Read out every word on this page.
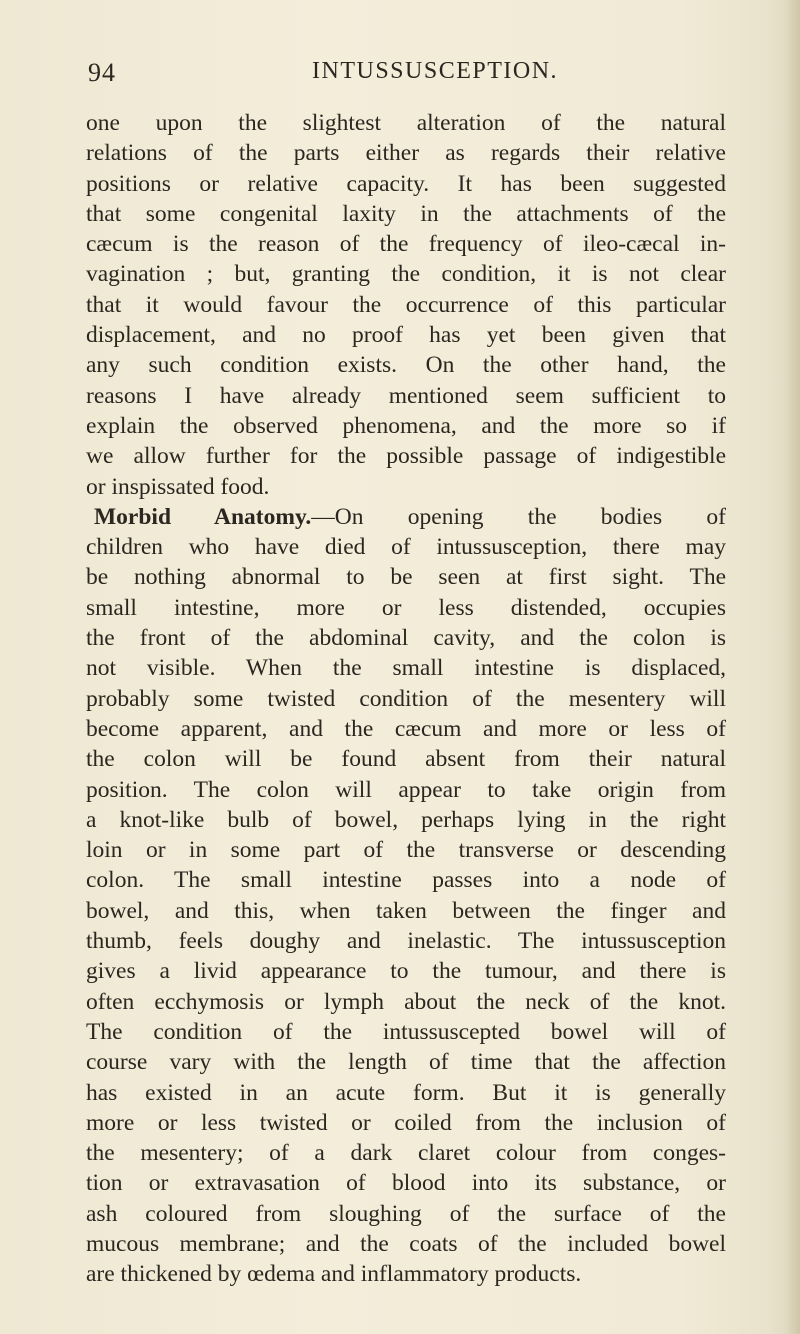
94	INTUSSUSCEPTION.
one upon the slightest alteration of the natural
relations of the parts either as regards their relative
positions or relative capacity. It has been suggested
that some congenital laxity in the attachments of the
cæcum is the reason of the frequency of ileo-cæcal in-
vagination ; but, granting the condition, it is not clear
that it would favour the occurrence of this particular
displacement, and no proof has yet been given that
any such condition exists. On the other hand, the
reasons I have already mentioned seem sufficient to
explain the observed phenomena, and the more so if
we allow further for the possible passage of indigestible
or inspissated food.
Morbid Anatomy.—On opening the bodies of
children who have died of intussusception, there may
be nothing abnormal to be seen at first sight. The
small intestine, more or less distended, occupies
the front of the abdominal cavity, and the colon is
not visible. When the small intestine is displaced,
probably some twisted condition of the mesentery will
become apparent, and the cæcum and more or less of
the colon will be found absent from their natural
position. The colon will appear to take origin from
a knot-like bulb of bowel, perhaps lying in the right
loin or in some part of the transverse or descending
colon. The small intestine passes into a node of
bowel, and this, when taken between the finger and
thumb, feels doughy and inelastic. The intussusception
gives a livid appearance to the tumour, and there is
often ecchymosis or lymph about the neck of the knot.
The condition of the intussuscepted bowel will of
course vary with the length of time that the affection
has existed in an acute form. But it is generally
more or less twisted or coiled from the inclusion of
the mesentery; of a dark claret colour from conges-
tion or extravasation of blood into its substance, or
ash coloured from sloughing of the surface of the
mucous membrane; and the coats of the included bowel
are thickened by œdema and inflammatory products.
